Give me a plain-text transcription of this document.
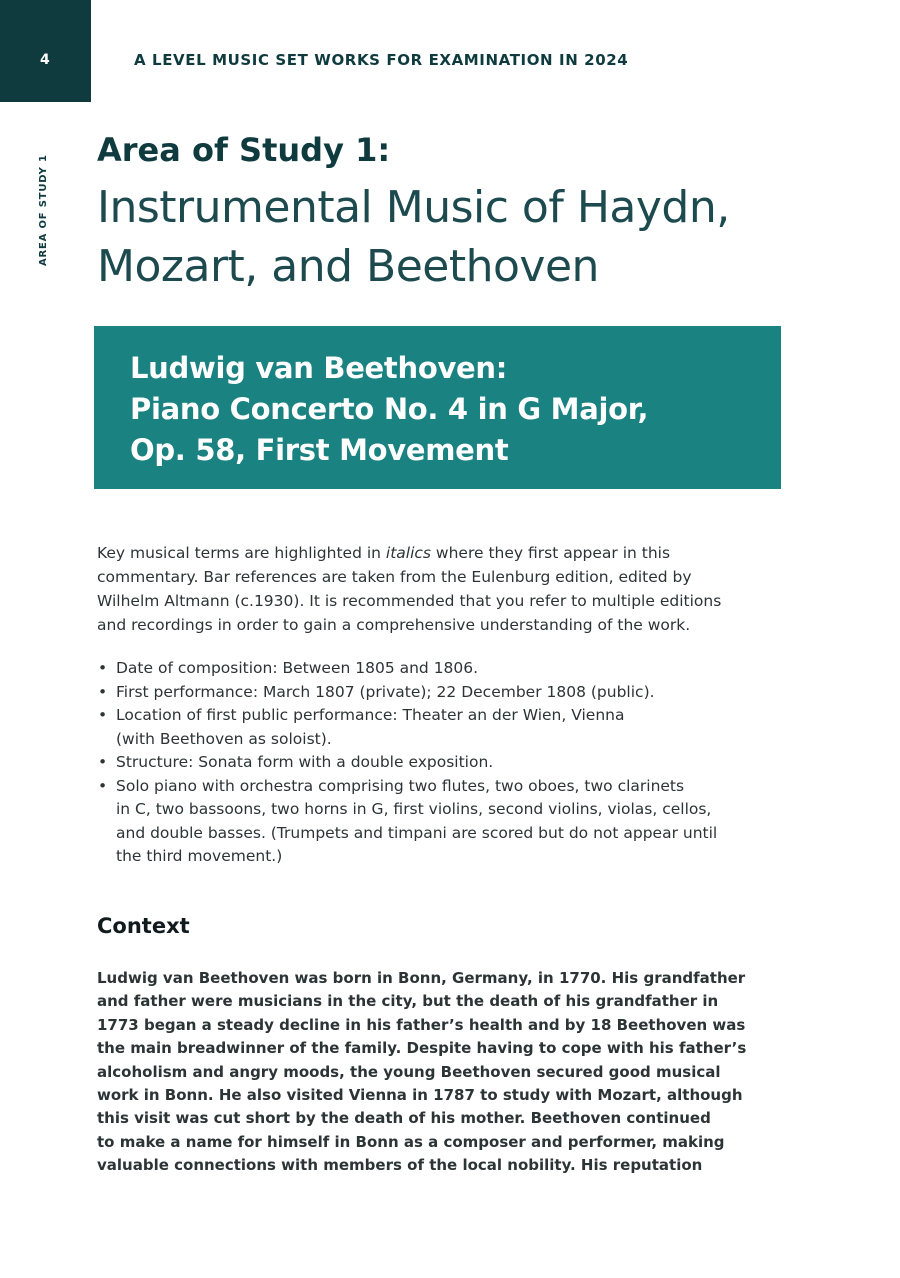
4	A LEVEL MUSIC SET WORKS FOR EXAMINATION IN 2024
AREA OF STUDY 1
Area of Study 1:
Instrumental Music of Haydn,
Mozart, and Beethoven
Ludwig van Beethoven:
Piano Concerto No. 4 in G Major,
Op. 58, First Movement

Key musical terms are highlighted in italics where they first appear in this
commentary. Bar references are taken from the Eulenburg edition, edited by
Wilhelm Altmann (c.1930). It is recommended that you refer to multiple editions
and recordings in order to gain a comprehensive understanding of the work.

• Date of composition: Between 1805 and 1806.
• First performance: March 1807 (private); 22 December 1808 (public).
• Location of first public performance: Theater an der Wien, Vienna
(with Beethoven as soloist).
• Structure: Sonata form with a double exposition.
• Solo piano with orchestra comprising two flutes, two oboes, two clarinets
in C, two bassoons, two horns in G, first violins, second violins, violas, cellos,
and double basses. (Trumpets and timpani are scored but do not appear until
the third movement.)
Context
Ludwig van Beethoven was born in Bonn, Germany, in 1770. His grandfather
and father were musicians in the city, but the death of his grandfather in
1773 began a steady decline in his father’s health and by 18 Beethoven was
the main breadwinner of the family. Despite having to cope with his father’s
alcoholism and angry moods, the young Beethoven secured good musical
work in Bonn. He also visited Vienna in 1787 to study with Mozart, although
this visit was cut short by the death of his mother. Beethoven continued
to make a name for himself in Bonn as a composer and performer, making
valuable connections with members of the local nobility. His reputation
